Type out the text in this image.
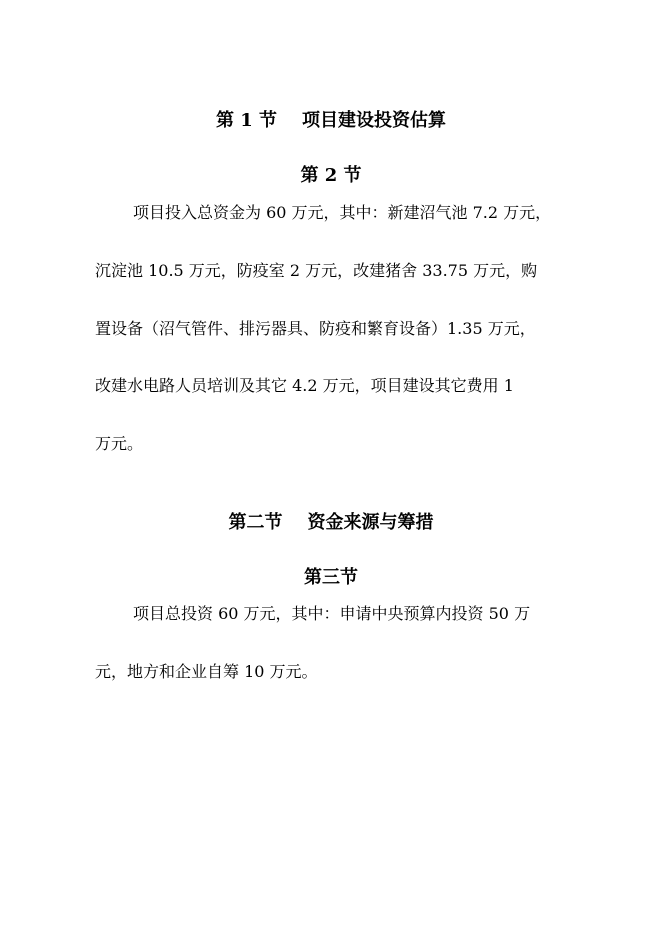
第 1 节    项目建设投资估算
第 2 节
项目投入总资金为 60 万元，其中：新建沼气池 7.2 万元，
沉淀池 10.5 万元，防疫室 2 万元，改建猪舍 33.75 万元，购
置设备（沼气管件、排污器具、防疫和繁育设备）1.35 万元，
改建水电路人员培训及其它 4.2 万元，项目建设其它费用 1
万元。
第二节    资金来源与筹措
第三节
项目总投资 60 万元，其中：申请中央预算内投资 50 万
元，地方和企业自筹 10 万元。
